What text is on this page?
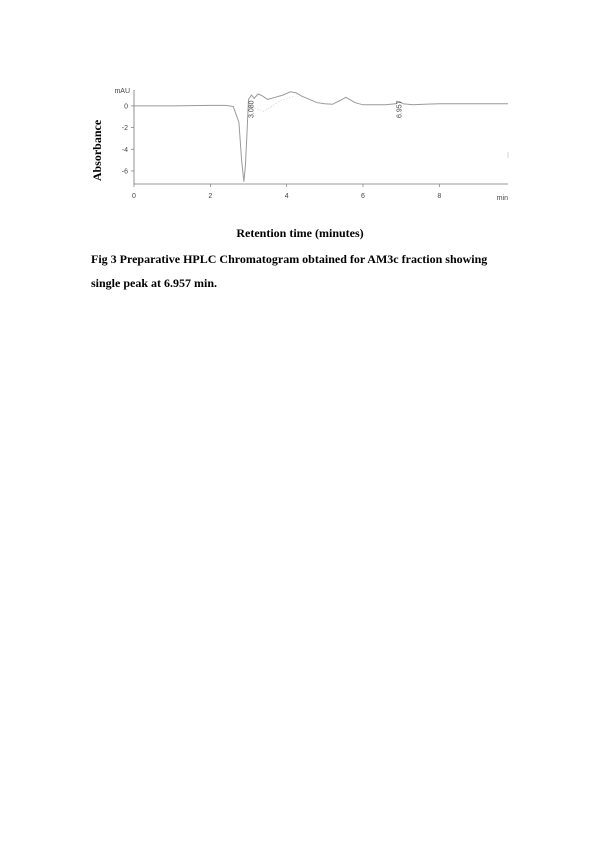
mAU
0
-2
-4
-6
0	2	4	6	8	min
3.080	6.957
Absorbance
Retention time (minutes)
Fig 3 Preparative HPLC Chromatogram obtained for AM3c fraction showing
single peak at 6.957 min.
